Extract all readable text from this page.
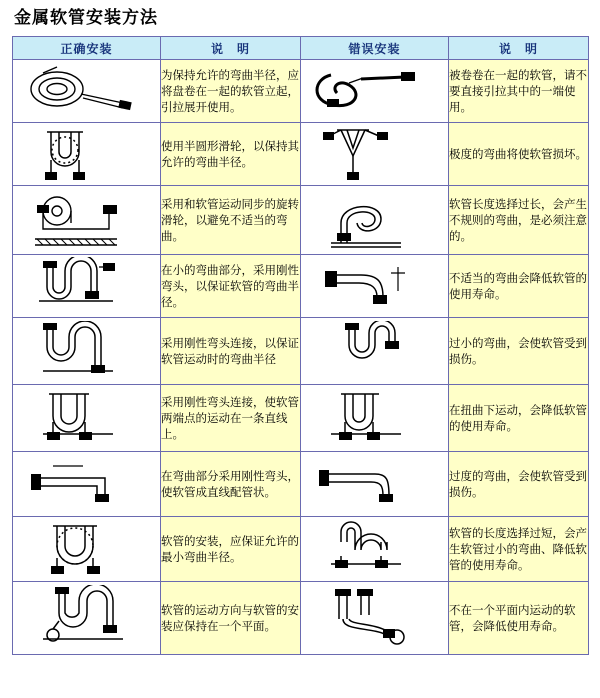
金属软管安装方法
正确安装	说　明	错误安装	说　明

	为保持允许的弯曲半径，应将盘卷在一起的软管立起，引拉展开使用。		被卷卷在一起的软管，请不要直接引拉其中的一端使用。

	使用半圆形滑轮，以保持其允许的弯曲半径。		极度的弯曲将使软管损坏。

	采用和软管运动同步的旋转滑轮，以避免不适当的弯曲。		软管长度选择过长，会产生不规则的弯曲，是必须注意的。

	在小的弯曲部分，采用刚性弯头，以保证软管的弯曲半径。		不适当的弯曲会降低软管的使用寿命。

	采用刚性弯头连接，以保证软管运动时的弯曲半径		过小的弯曲，会使软管受到损伤。

	采用刚性弯头连接，使软管两端点的运动在一条直线上。		在扭曲下运动，会降低软管的使用寿命。

	在弯曲部分采用刚性弯头，使软管成直线配管状。		过度的弯曲，会使软管受到损伤。

	软管的安装，应保证允许的最小弯曲半径。		软管的长度选择过短，会产生软管过小的弯曲、降低软管的使用寿命。

	软管的运动方向与软管的安装应保持在一个平面。		不在一个平面内运动的软管，会降低使用寿命。
